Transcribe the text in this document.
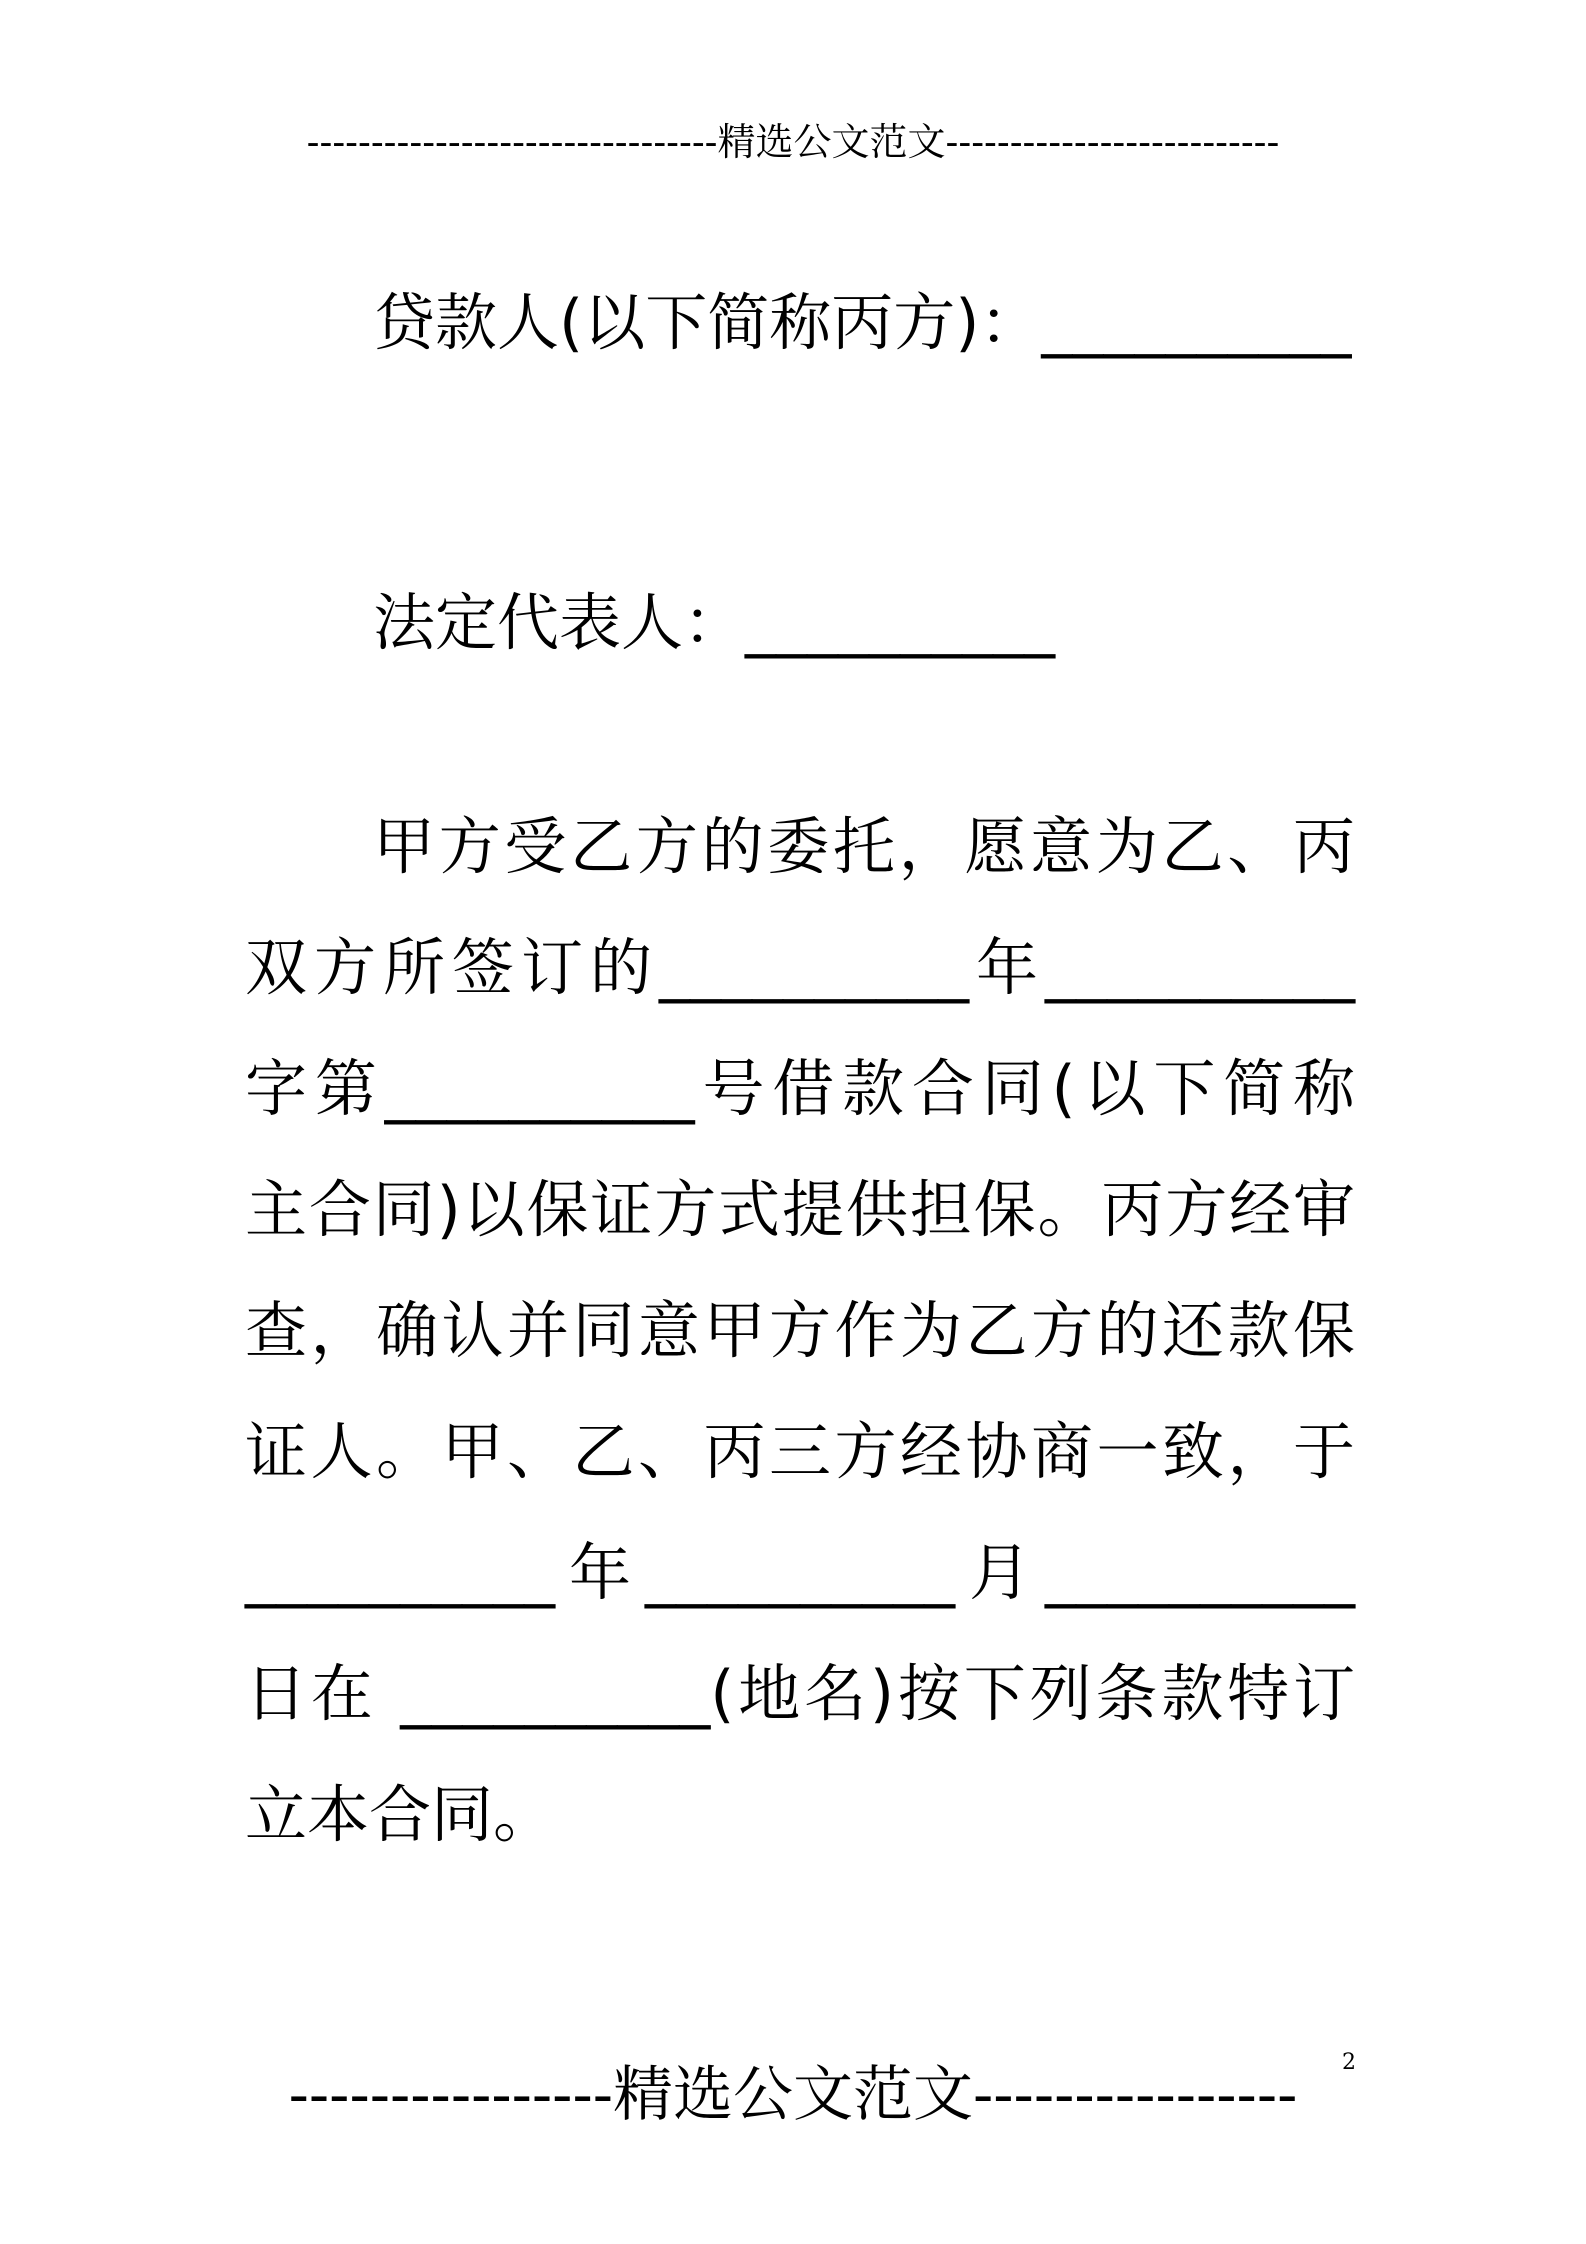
--------------------------------精选公文范文--------------------------
贷款人(以下简称丙方)：__________
法定代表人：__________
甲方受乙方的委托，愿意为乙、丙
双方所签订的__________年__________
字第__________号借款合同(以下简称
主合同)以保证方式提供担保。丙方经审
查，确认并同意甲方作为乙方的还款保
证人。甲、乙、丙三方经协商一致，于
__________年__________月__________
日在 __________(地名)按下列条款特订
立本合同。
----------------精选公文范文----------------	2
